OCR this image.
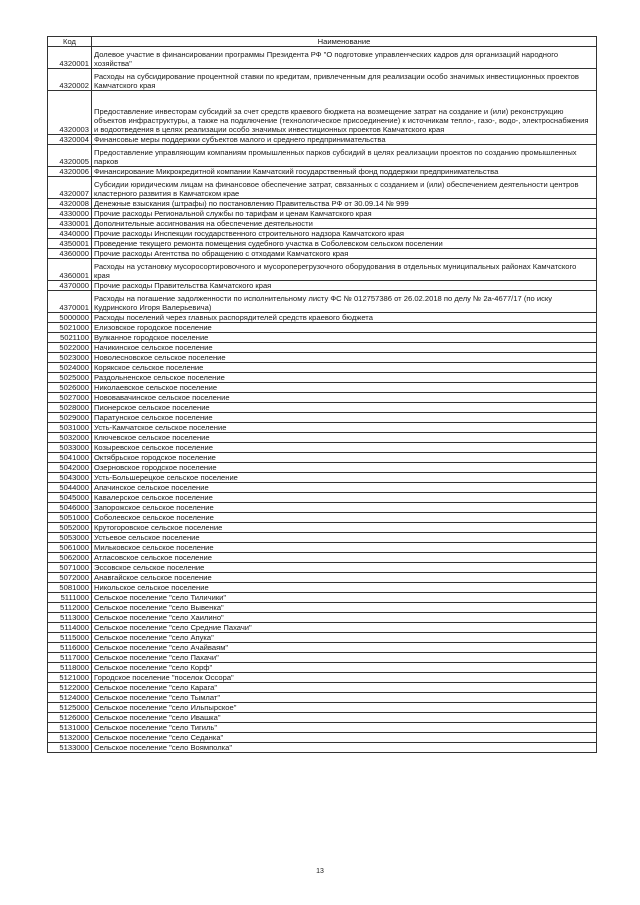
Код	Наименование
4320001	Долевое участие в финансировании программы Президента РФ "О подготовке управленческих кадров для организаций народного хозяйства"
4320002	Расходы на субсидирование процентной ставки по кредитам, привлеченным для реализации особо значимых инвестиционных проектов Камчатского края
4320003	Предоставление инвесторам субсидий за счет средств краевого бюджета на возмещение затрат на создание и (или) реконструкцию объектов инфраструктуры, а также на подключение (технологическое присоединение) к источникам тепло-, газо-, водо-, электроснабжения и водоотведения в целях реализации особо значимых инвестиционных проектов Камчатского края
4320004	Финансовые меры поддержки субъектов малого и среднего предпринимательства
4320005	Предоставление управляющим компаниям промышленных парков субсидий в целях реализации проектов по созданию промышленных парков
4320006	Финансирование Микрокредитной компании Камчатский государственный фонд поддержки предпринимательства
4320007	Субсидии юридическим лицам на финансовое обеспечение затрат, связанных с созданием и (или) обеспечением деятельности центров кластерного развития в Камчатском крае
4320008	Денежные взыскания (штрафы) по постановлению Правительства РФ от 30.09.14 № 999
4330000	Прочие расходы Региональной службы по тарифам и ценам Камчатского края
4330001	Дополнительные ассигнования на обеспечение деятельности
4340000	Прочие расходы Инспекции государственного строительного надзора Камчатского края
4350001	Проведение текущего ремонта помещения судебного участка в Соболевском сельском поселении
4360000	Прочие расходы Агентства по обращению с отходами Камчатского края
4360001	Расходы на установку мусоросортировочного и мусороперегрузочного оборудования в отдельных муниципальных районах Камчатского края
4370000	Прочие расходы Правительства Камчатского края
4370001	Расходы на погашение задолженности по исполнительному листу ФС № 012757386 от 26.02.2018 по делу № 2а-4677/17 (по иску Кудринского Игоря Валерьевича)
5000000	Расходы поселений через главных распорядителей средств краевого бюджета
5021000	Елизовское городское поселение
5021100	Вулканное городское поселение
5022000	Начикинское сельское поселение
5023000	Новолесновское сельское поселение
5024000	Корякское сельское поселение
5025000	Раздольненское сельское поселение
5026000	Николаевское сельское поселение
5027000	Нововавачинское сельское поселение
5028000	Пионерское сельское поселение
5029000	Паратунское сельское поселение
5031000	Усть-Камчатское сельское поселение
5032000	Ключевское сельское поселение
5033000	Козыревское сельское поселение
5041000	Октябрьское городское поселение
5042000	Озерновское городское поселение
5043000	Усть-Большерецкое сельское поселение
5044000	Апачинское сельское поселение
5045000	Кавалерское сельское поселение
5046000	Запорожское сельское поселение
5051000	Соболевское сельское поселение
5052000	Крутогоровское сельское поселение
5053000	Устьевое сельское поселение
5061000	Мильковское сельское поселение
5062000	Атласовское сельское поселение
5071000	Эссовское сельское поселение
5072000	Анавгайское сельское поселение
5081000	Никольское сельское поселение
5111000	Сельское поселение "село Тиличики"
5112000	Сельское поселение "село Вывенка"
5113000	Сельское поселение "село Хаилино"
5114000	Сельское поселение "село Средние Пахачи"
5115000	Сельское поселение "село Апука"
5116000	Сельское поселение "село Ачайваям"
5117000	Сельское поселение "село Пахачи"
5118000	Сельское поселение "село Корф"
5121000	Городское поселение "поселок Оссора"
5122000	Сельское поселение "село Карага"
5124000	Сельское поселение "село Тымлат"
5125000	Сельское поселение "село Ильпырское"
5126000	Сельское поселение "село Ивашка"
5131000	Сельское поселение "село Тигиль"
5132000	Сельское поселение "село Седанка"
5133000	Сельское поселение "село Воямполка"
13
